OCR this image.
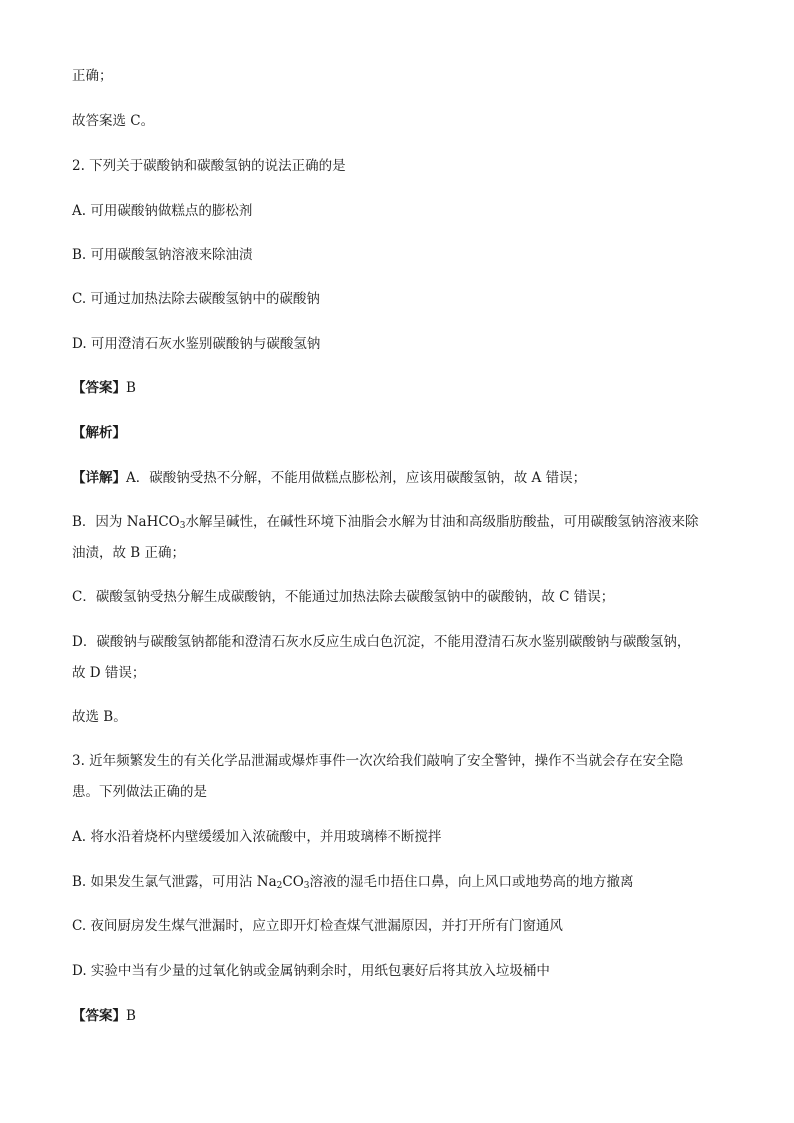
正确；
故答案选 C。
2. 下列关于碳酸钠和碳酸氢钠的说法正确的是
A. 可用碳酸钠做糕点的膨松剂
B. 可用碳酸氢钠溶液来除油渍
C. 可通过加热法除去碳酸氢钠中的碳酸钠
D. 可用澄清石灰水鉴别碳酸钠与碳酸氢钠
【答案】B
【解析】
【详解】A．碳酸钠受热不分解，不能用做糕点膨松剂，应该用碳酸氢钠，故 A 错误；
B．因为 NaHCO$_3$水解呈碱性，在碱性环境下油脂会水解为甘油和高级脂肪酸盐，可用碳酸氢钠溶液来除
油渍，故 B 正确；
C．碳酸氢钠受热分解生成碳酸钠，不能通过加热法除去碳酸氢钠中的碳酸钠，故 C 错误；
D．碳酸钠与碳酸氢钠都能和澄清石灰水反应生成白色沉淀，不能用澄清石灰水鉴别碳酸钠与碳酸氢钠，
故 D 错误；
故选 B。
3. 近年频繁发生的有关化学品泄漏或爆炸事件一次次给我们敲响了安全警钟，操作不当就会存在安全隐
患。下列做法正确的是
A. 将水沿着烧杯内壁缓缓加入浓硫酸中，并用玻璃棒不断搅拌
B. 如果发生氯气泄露，可用沾 $Na_2CO_3$溶液的湿毛巾捂住口鼻，向上风口或地势高的地方撤离
C. 夜间厨房发生煤气泄漏时，应立即开灯检查煤气泄漏原因，并打开所有门窗通风
D. 实验中当有少量的过氧化钠或金属钠剩余时，用纸包裹好后将其放入垃圾桶中
【答案】B
